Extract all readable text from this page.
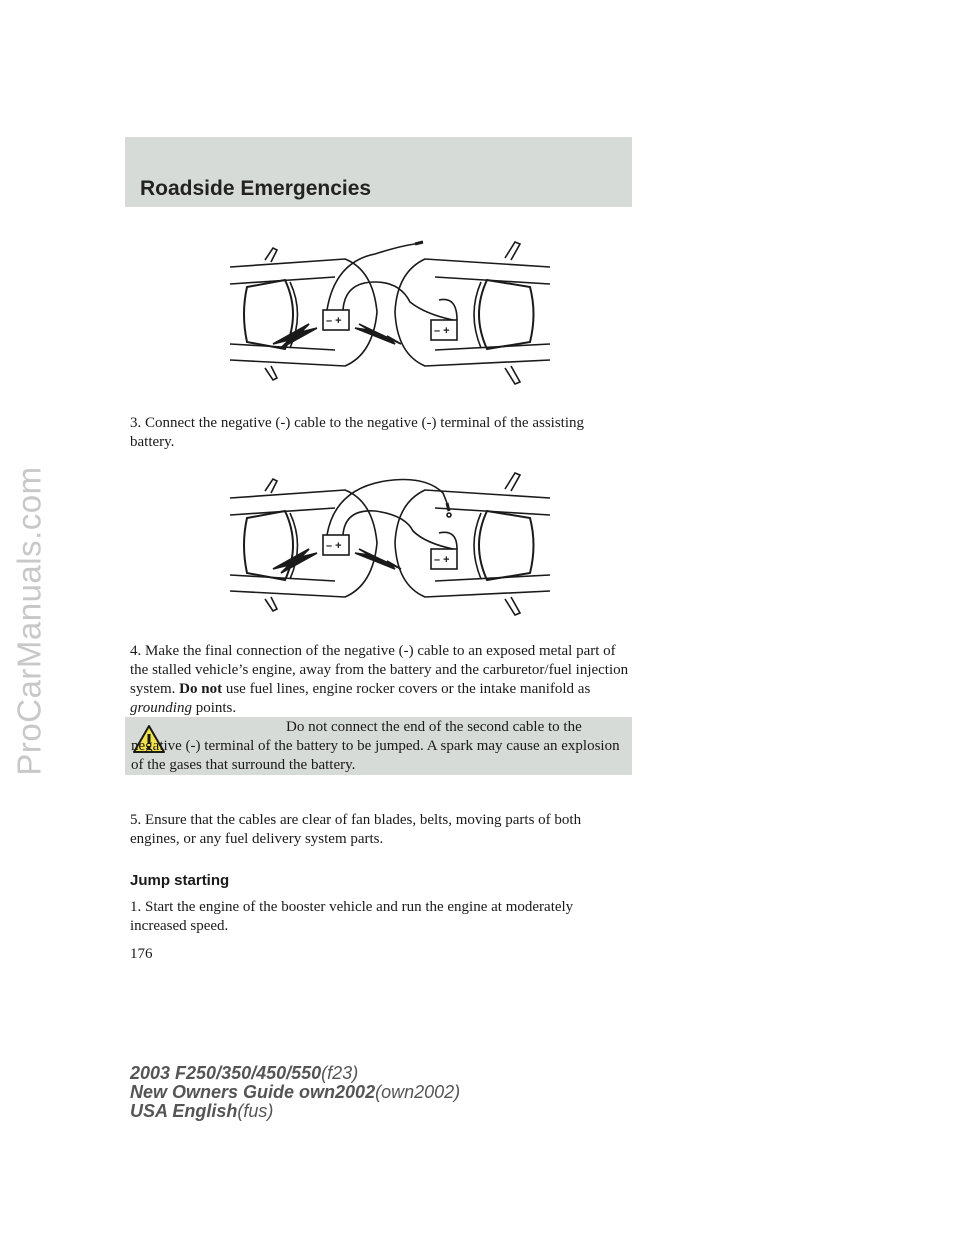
ProCarManuals.com
Roadside Emergencies
– +
– +

3. Connect the negative (-) cable to the negative (-) terminal of the assisting battery.

– +
– +

4. Make the final connection of the negative (-) cable to an exposed metal part of the stalled vehicle’s engine, away from the battery and the carburetor/fuel injection system. Do not use fuel lines, engine rocker covers or the intake manifold as grounding points.

Do not connect the end of the second cable to the negative (-) terminal of the battery to be jumped. A spark may cause an explosion of the gases that surround the battery.

5. Ensure that the cables are clear of fan blades, belts, moving parts of both engines, or any fuel delivery system parts.

Jump starting

1. Start the engine of the booster vehicle and run the engine at moderately increased speed.

176
2003 F250/350/450/550(f23)
New Owners Guide own2002(own2002)
USA English(fus)
